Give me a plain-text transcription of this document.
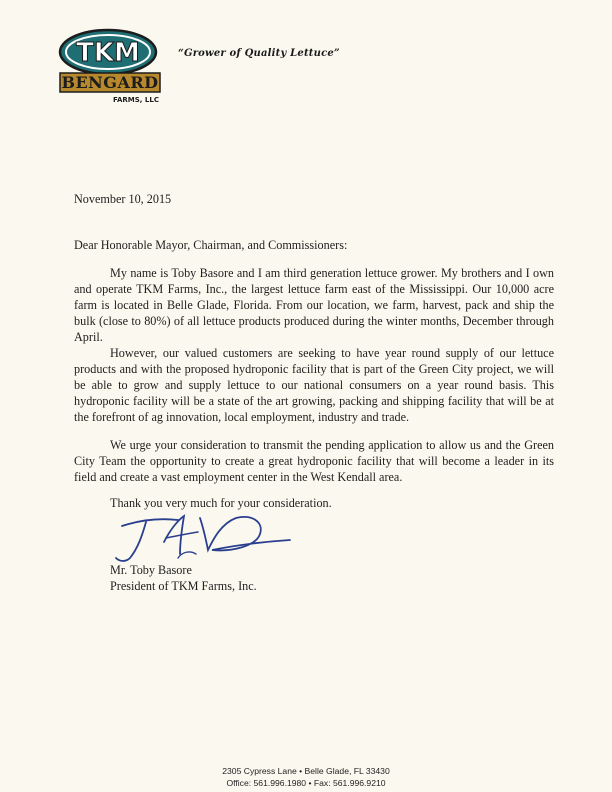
TKM
BENGARD
FARMS, LLC
“Grower of Quality Lettuce”
November 10, 2015
Dear Honorable Mayor, Chairman, and Commissioners:
My name is Toby Basore and I am third generation lettuce grower. My brothers and I own and operate TKM Farms, Inc., the largest lettuce farm east of the Mississippi. Our 10,000 acre farm is located in Belle Glade, Florida. From our location, we farm, harvest, pack and ship the bulk (close to 80%) of all lettuce products produced during the winter months, December through April.
However, our valued customers are seeking to have year round supply of our lettuce products and with the proposed hydroponic facility that is part of the Green City project, we will be able to grow and supply lettuce to our national consumers on a year round basis. This hydroponic facility will be a state of the art growing, packing and shipping facility that will be at the forefront of ag innovation, local employment, industry and trade.
We urge your consideration to transmit the pending application to allow us and the Green City Team the opportunity to create a great hydroponic facility that will become a leader in its field and create a vast employment center in the West Kendall area.
Thank you very much for your consideration.
Mr. Toby Basore
President of TKM Farms, Inc.
2305 Cypress Lane • Belle Glade, FL 33430
Office: 561.996.1980 • Fax: 561.996.9210
